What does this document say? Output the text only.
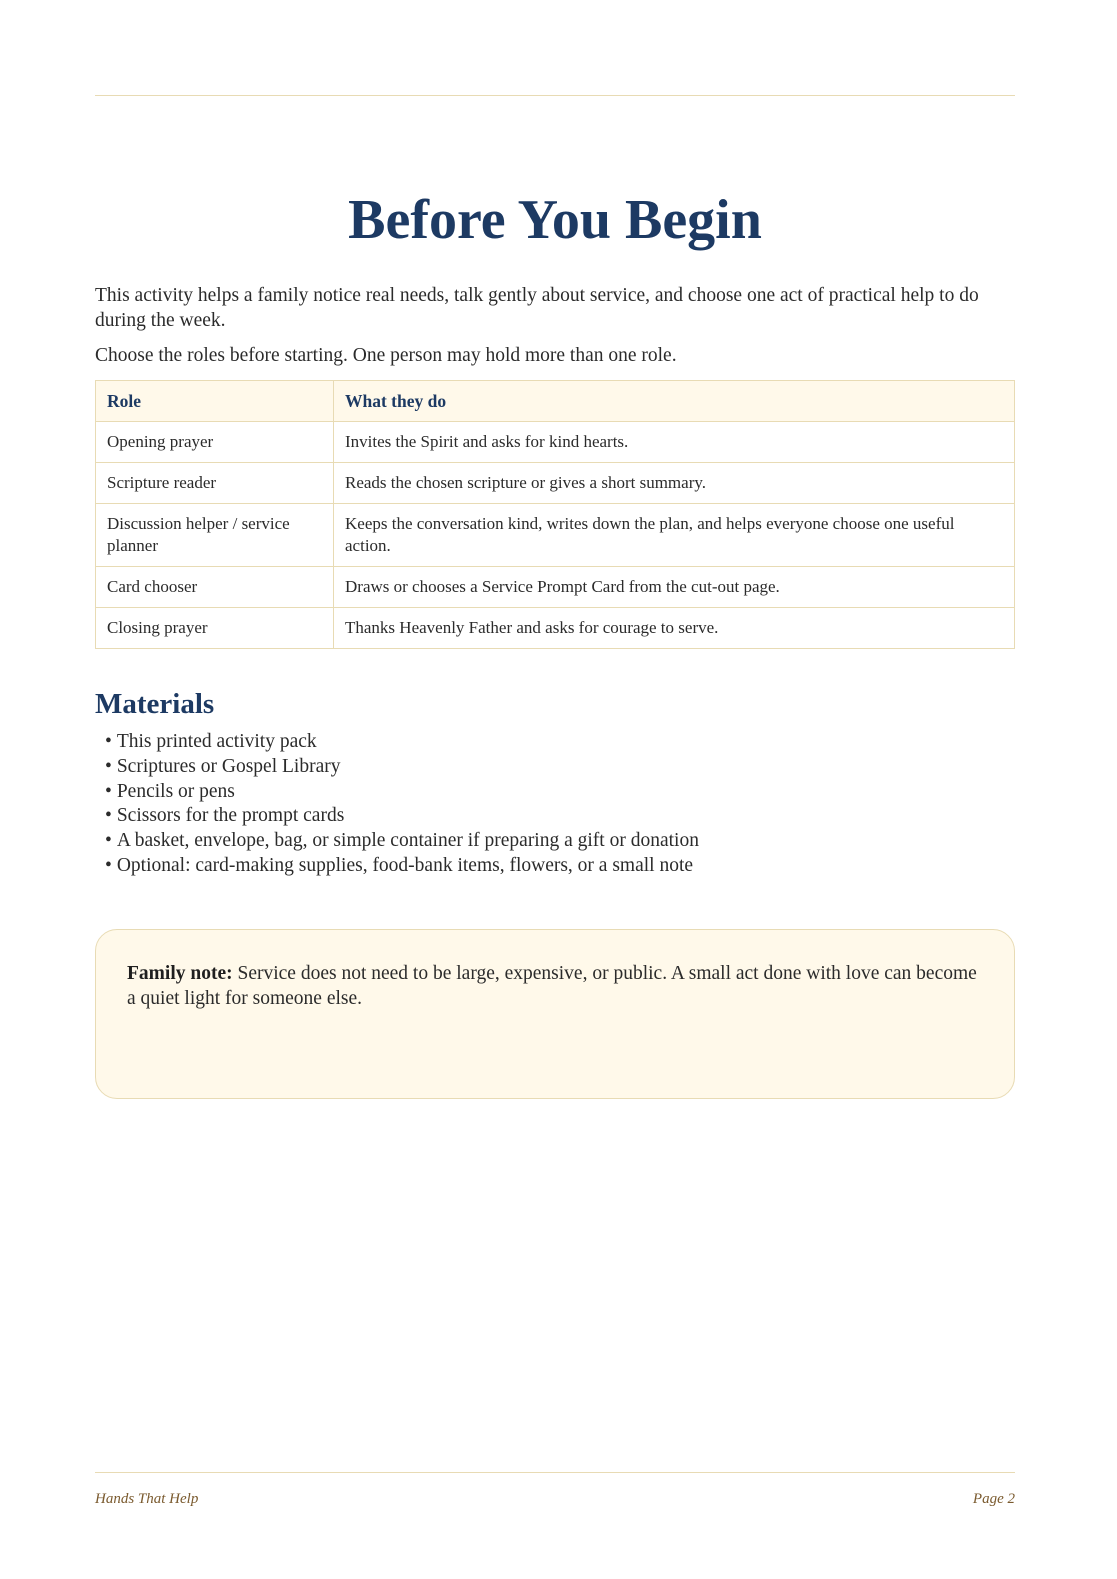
Before You Begin

This activity helps a family notice real needs, talk gently about service, and choose one act of practical help to do during the week.

Choose the roles before starting. One person may hold more than one role.

Role	What they do
Opening prayer	Invites the Spirit and asks for kind hearts.
Scripture reader	Reads the chosen scripture or gives a short summary.
Discussion helper / service planner	Keeps the conversation kind, writes down the plan, and helps everyone choose one useful action.
Card chooser	Draws or chooses a Service Prompt Card from the cut-out page.
Closing prayer	Thanks Heavenly Father and asks for courage to serve.
Materials
• This printed activity pack
• Scriptures or Gospel Library
• Pencils or pens
• Scissors for the prompt cards
• A basket, envelope, bag, or simple container if preparing a gift or donation
• Optional: card-making supplies, food-bank items, flowers, or a small note
Family note: Service does not need to be large, expensive, or public. A small act done with love can become a quiet light for someone else.
Hands That Help	Page 2
